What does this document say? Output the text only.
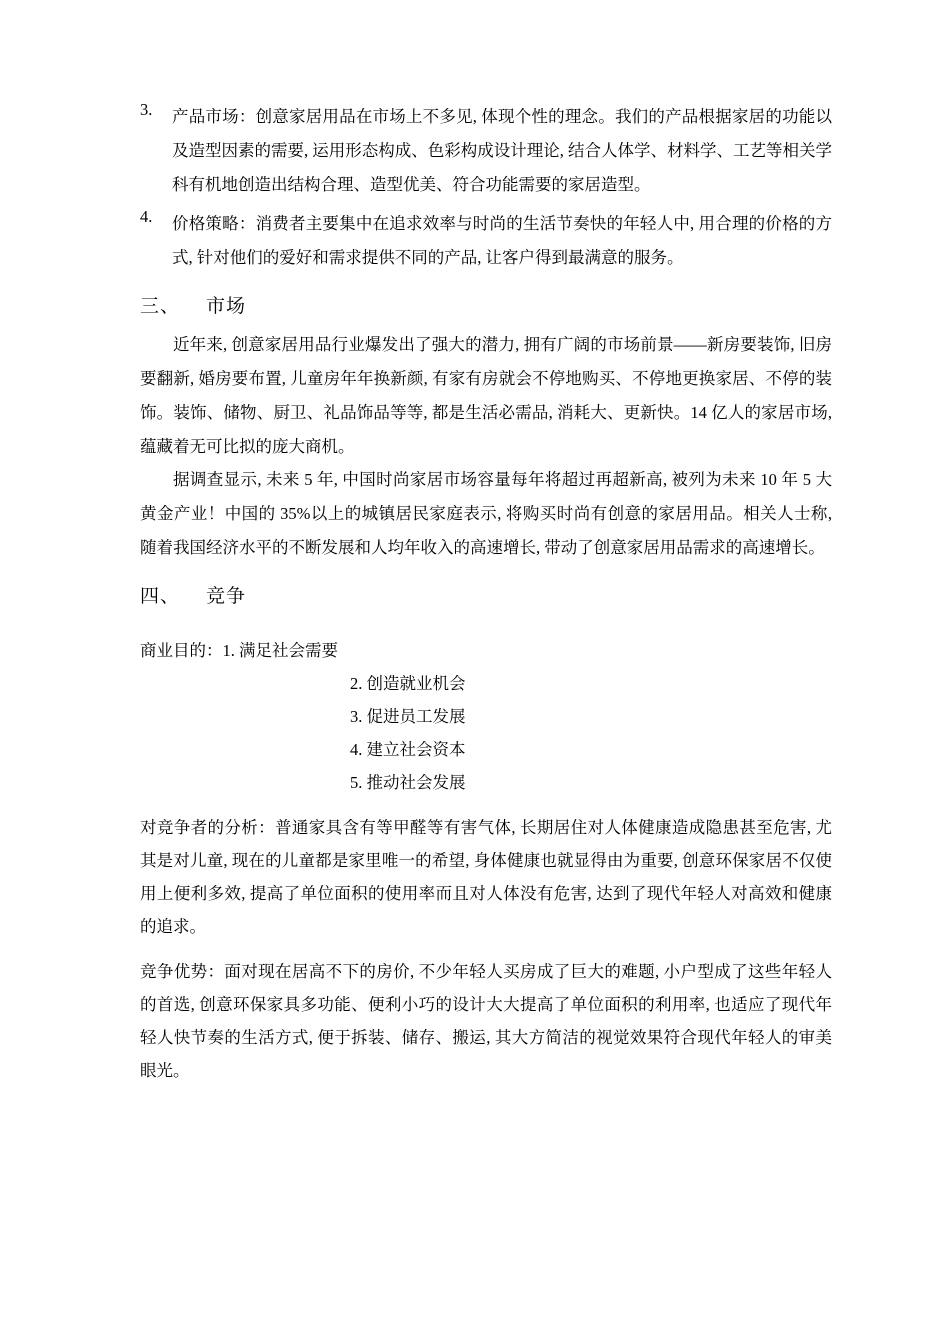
3. 产品市场：创意家居用品在市场上不多见, 体现个性的理念。我们的产品根据家居的功能以及造型因素的需要, 运用形态构成、色彩构成设计理论, 结合人体学、材料学、工艺等相关学科有机地创造出结构合理、造型优美、符合功能需要的家居造型。
4. 价格策略：消费者主要集中在追求效率与时尚的生活节奏快的年轻人中, 用合理的价格的方式, 针对他们的爱好和需求提供不同的产品, 让客户得到最满意的服务。
三、 市场

近年来, 创意家居用品行业爆发出了强大的潜力, 拥有广阔的市场前景——新房要装饰, 旧房要翻新, 婚房要布置, 儿童房年年换新颜, 有家有房就会不停地购买、不停地更换家居、不停的装饰。装饰、储物、厨卫、礼品饰品等等, 都是生活必需品, 消耗大、更新快。14 亿人的家居市场, 蕴藏着无可比拟的庞大商机。

据调查显示, 未来 5 年, 中国时尚家居市场容量每年将超过再超新高, 被列为未来 10 年 5 大黄金产业！中国的 35%以上的城镇居民家庭表示, 将购买时尚有创意的家居用品。相关人士称, 随着我国经济水平的不断发展和人均年收入的高速增长, 带动了创意家居用品需求的高速增长。

四、 竞争
商业目的：1. 满足社会需要
2. 创造就业机会
3. 促进员工发展
4. 建立社会资本
5. 推动社会发展
对竞争者的分析：普通家具含有等甲醛等有害气体, 长期居住对人体健康造成隐患甚至危害, 尤其是对儿童, 现在的儿童都是家里唯一的希望, 身体健康也就显得由为重要, 创意环保家居不仅使用上便利多效, 提高了单位面积的使用率而且对人体没有危害, 达到了现代年轻人对高效和健康的追求。
竞争优势：面对现在居高不下的房价, 不少年轻人买房成了巨大的难题, 小户型成了这些年轻人的首选, 创意环保家具多功能、便利小巧的设计大大提高了单位面积的利用率, 也适应了现代年轻人快节奏的生活方式, 便于拆装、储存、搬运, 其大方简洁的视觉效果符合现代年轻人的审美眼光。
